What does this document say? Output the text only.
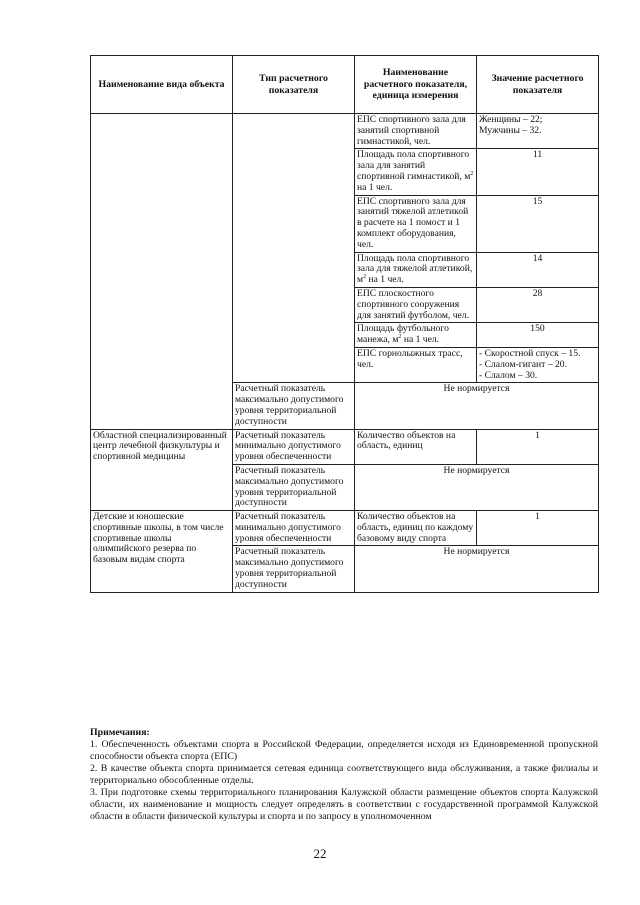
Наименование вида объекта	Тип расчетного показателя	Наименование расчетного показателя, единица измерения	Значение расчетного показателя
		ЕПС спортивного зала для занятий спортивной гимнастикой, чел.	Женщины – 22;
Мужчины – 32.

		Площадь пола спортивного зала для занятий спортивной гимнастикой, $м^2$ на 1 чел.	11
		ЕПС спортивного зала для занятий тяжелой атлетикой в расчете на 1 помост и 1 комплект оборудования, чел.	15
		Площадь пола спортивного зала для тяжелой атлетикой, $м^2$ на 1 чел.	14
		ЕПС плоскостного спортивного сооружения для занятий футболом, чел.	28
		Площадь футбольного манежа, $м^2$ на 1 чел.	150
		ЕПС горнолыжных трасс, чел.	- Скоростной спуск – 15.
- Слалом-гигант – 20.
- Слалом – 30.

	Расчетный показатель максимально допустимого уровня территориальной доступности	Не нормируется	
Областной специализированный центр лечебной физкультуры и спортивной медицины	Расчетный показатель минимально допустимого уровня обеспеченности	Количество объектов на область, единиц	1
	Расчетный показатель максимально допустимого уровня территориальной доступности	Не нормируется	
Детские и юношеские спортивные школы, в том числе спортивные школы олимпийского резерва по базовым видам спорта	Расчетный показатель минимально допустимого уровня обеспеченности	Количество объектов на область, единиц по каждому базовому виду спорта	1
	Расчетный показатель максимально допустимого уровня территориальной доступности	Не нормируется	

Примечания:

1. Обеспеченность объектами спорта в Российской Федерации, определяется исходя из Единовременной пропускной способности объекта спорта (ЕПС)

2. В качестве объекта спорта принимается сетевая единица соответствующего вида обслуживания, а также филиалы и территориально обособленные отделы.

3. При подготовке схемы территориального планирования Калужской области размещение объектов спорта Калужской области, их наименование и мощность следует определять в соответствии с государственной программой Калужской области в области физической культуры и спорта и по запросу в уполномоченном

22
